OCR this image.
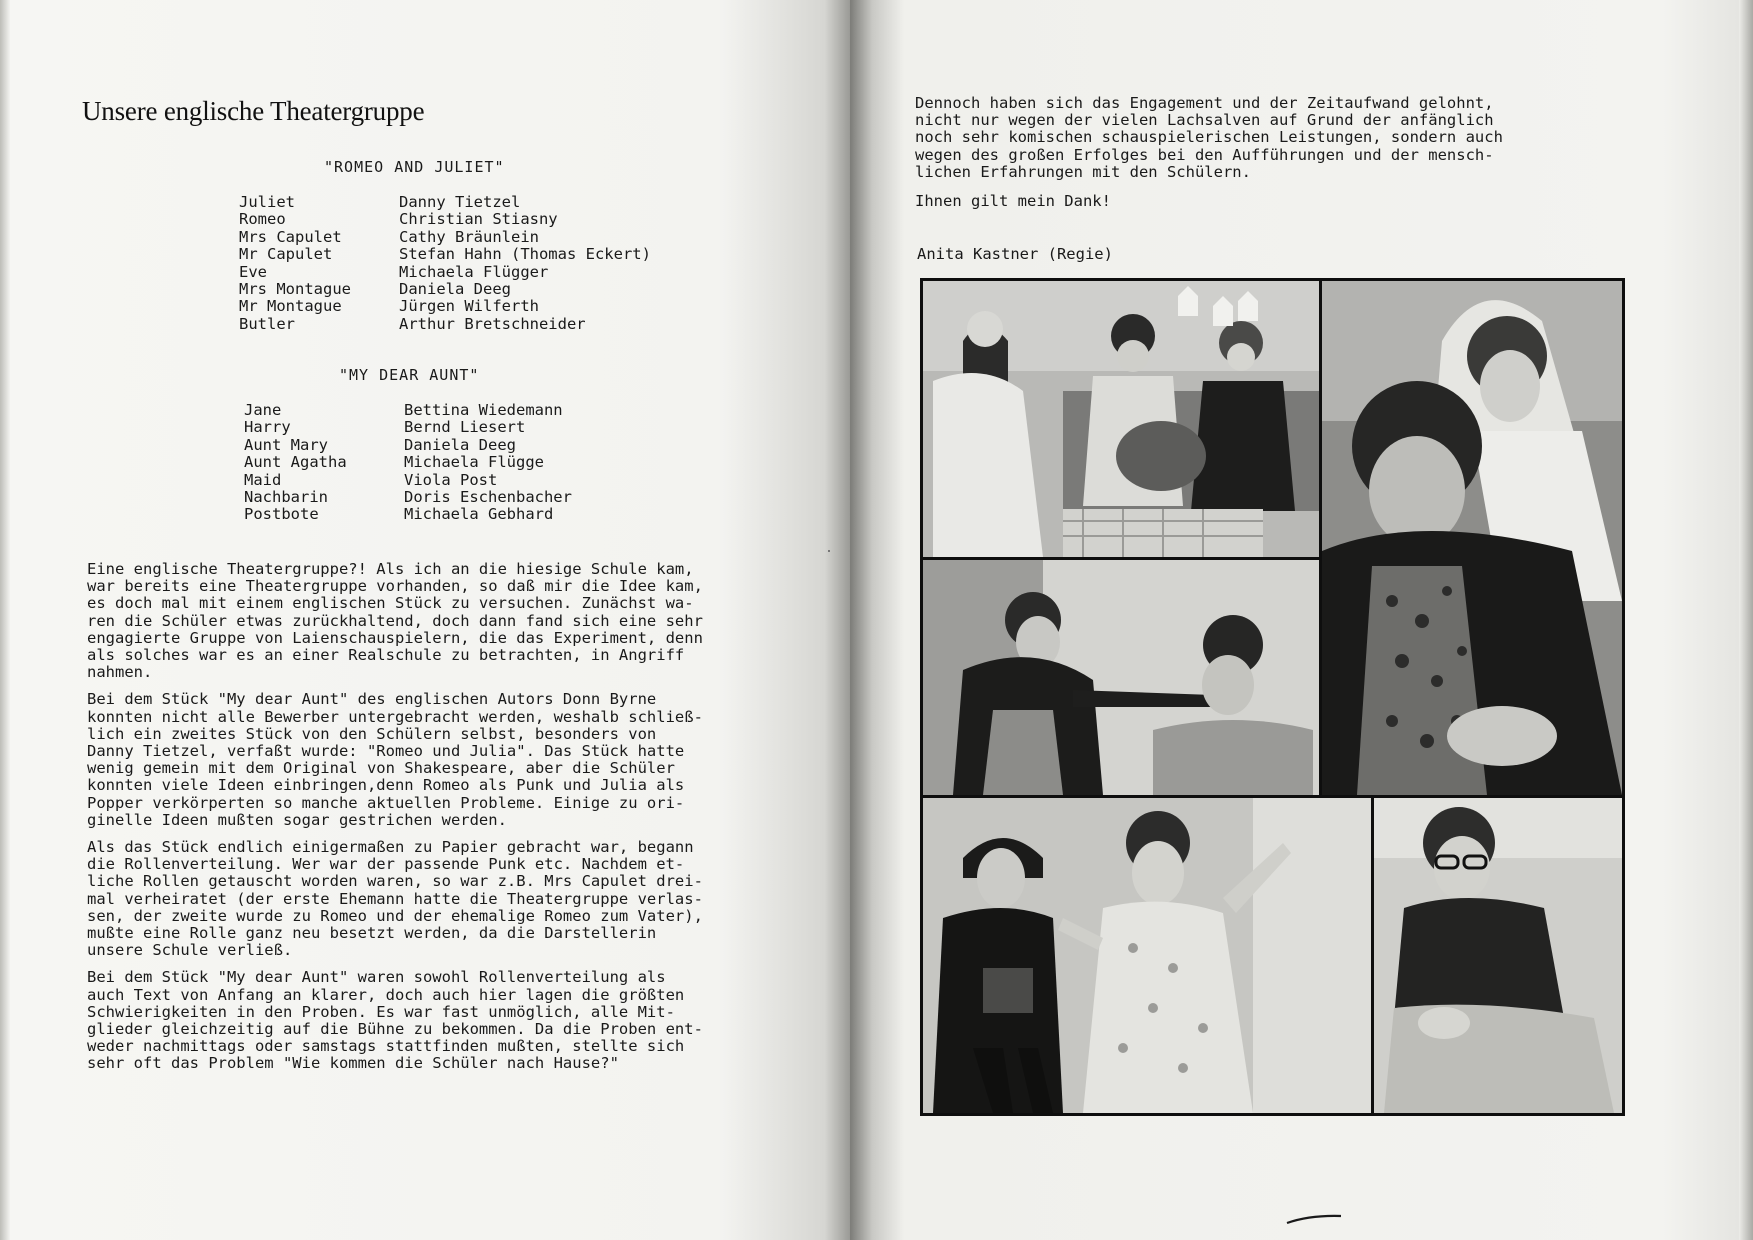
Unsere englische Theatergruppe
"ROMEO AND JULIET"
Juliet	Danny Tietzel
Romeo	Christian Stiasny
Mrs Capulet	Cathy Bräunlein
Mr Capulet	Stefan Hahn (Thomas Eckert)
Eve	Michaela Flügger
Mrs Montague	Daniela Deeg
Mr Montague	Jürgen Wilferth
Butler	Arthur Bretschneider
"MY DEAR AUNT"
Jane	Bettina Wiedemann
Harry	Bernd Liesert
Aunt Mary	Daniela Deeg
Aunt Agatha	Michaela Flügge
Maid	Viola Post
Nachbarin	Doris Eschenbacher
Postbote	Michaela Gebhard

Eine englische Theatergruppe?! Als ich an die hiesige Schule kam,
war bereits eine Theatergruppe vorhanden, so daß mir die Idee kam,
es doch mal mit einem englischen Stück zu versuchen. Zunächst wa-
ren die Schüler etwas zurückhaltend, doch dann fand sich eine sehr
engagierte Gruppe von Laienschauspielern, die das Experiment, denn
als solches war es an einer Realschule zu betrachten, in Angriff
nahmen.

Bei dem Stück "My dear Aunt" des englischen Autors Donn Byrne
konnten nicht alle Bewerber untergebracht werden, weshalb schließ-
lich ein zweites Stück von den Schülern selbst, besonders von
Danny Tietzel, verfaßt wurde: "Romeo und Julia". Das Stück hatte
wenig gemein mit dem Original von Shakespeare, aber die Schüler
konnten viele Ideen einbringen,denn Romeo als Punk und Julia als
Popper verkörperten so manche aktuellen Probleme. Einige zu ori-
ginelle Ideen mußten sogar gestrichen werden.

Als das Stück endlich einigermaßen zu Papier gebracht war, begann
die Rollenverteilung. Wer war der passende Punk etc. Nachdem et-
liche Rollen getauscht worden waren, so war z.B. Mrs Capulet drei-
mal verheiratet (der erste Ehemann hatte die Theatergruppe verlas-
sen, der zweite wurde zu Romeo und der ehemalige Romeo zum Vater),
mußte eine Rolle ganz neu besetzt werden, da die Darstellerin
unsere Schule verließ.

Bei dem Stück "My dear Aunt" waren sowohl Rollenverteilung als
auch Text von Anfang an klarer, doch auch hier lagen die größten
Schwierigkeiten in den Proben. Es war fast unmöglich, alle Mit-
glieder gleichzeitig auf die Bühne zu bekommen. Da die Proben ent-
weder nachmittags oder samstags stattfinden mußten, stellte sich
sehr oft das Problem "Wie kommen die Schüler nach Hause?"

Dennoch haben sich das Engagement und der Zeitaufwand gelohnt,
nicht nur wegen der vielen Lachsalven auf Grund der anfänglich
noch sehr komischen schauspielerischen Leistungen, sondern auch
wegen des großen Erfolges bei den Aufführungen und der mensch-
lichen Erfahrungen mit den Schülern.

Ihnen gilt mein Dank!

Anita Kastner (Regie)
